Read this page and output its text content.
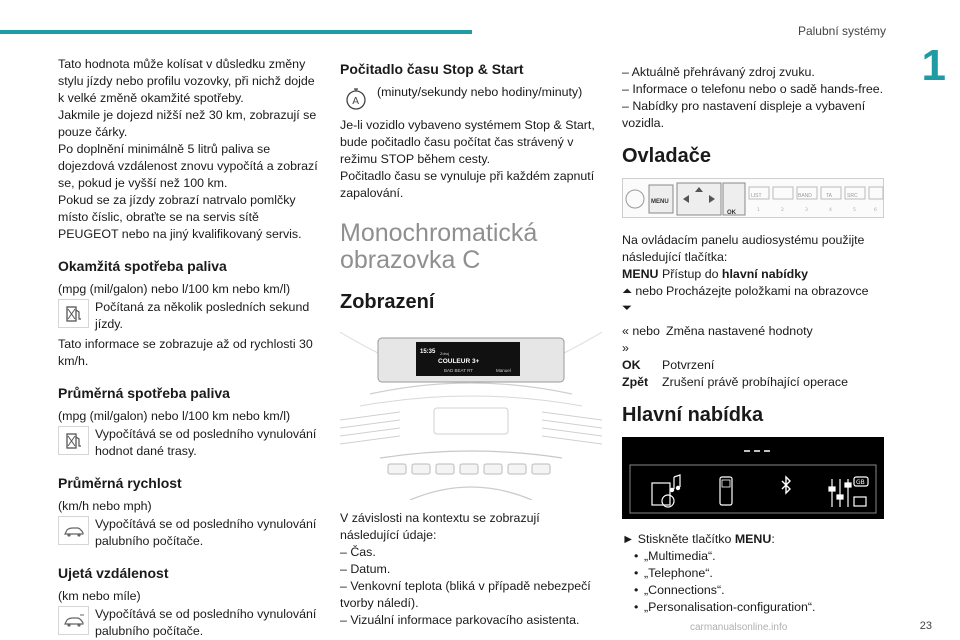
Palubní systémy
1

Tato hodnota může kolísat v důsledku změny stylu jízdy nebo profilu vozovky, při nichž dojde k velké změně okamžité spotřeby.
Jakmile je dojezd nižší než 30 km, zobrazují se pouze čárky.
Po doplnění minimálně 5 litrů paliva se dojezdová vzdálenost znovu vypočítá a zobrazí se, pokud je vyšší než 100 km.
Pokud se za jízdy zobrazí natrvalo pomlčky místo číslic, obraťte se na servis sítě PEUGEOT nebo na jiný kvalifikovaný servis.

Okamžitá spotřeba paliva

(mpg (mil/galon) nebo l/100 km nebo km/l)

Počítaná za několik posledních sekund jízdy.

Tato informace se zobrazuje až od rychlosti 30 km/h.

Průměrná spotřeba paliva

(mpg (mil/galon) nebo l/100 km nebo km/l)

Vypočítává se od posledního vynulování hodnot dané trasy.

Průměrná rychlost

(km/h nebo mph)

Vypočítává se od posledního vynulování palubního počítače.

Ujetá vzdálenost

(km nebo míle)

Vypočítává se od posledního vynulování palubního počítače.

Počitadlo času Stop & Start
A

(minuty/sekundy nebo hodiny/minuty)

Je-li vozidlo vybaveno systémem Stop & Start, bude počitadlo času počítat čas strávený v režimu STOP během cesty.
Počitadlo času se vynuluje při každém zapnutí zapalování.

Monochromatická obrazovka C
Zobrazení
15:35 Zdroj
COULEUR 3+
BAD BEAT RT	Manuel

V závislosti na kontextu se zobrazují následující údaje:

– Čas.

– Datum.

– Venkovní teplota (bliká v případě nebezpečí tvorby náledí).

– Vizuální informace parkovacího asistenta.

– Aktuálně přehrávaný zdroj zvuku.

– Informace o telefonu nebo o sadě hands-free.

– Nabídky pro nastavení displeje a vybavení vozidla.

Ovladače
1	2	3	4	5	6
MENU
OK
LIST	BAND	TA	SRC

Na ovládacím panelu audiosystému použijte následující tlačítka:

MENU Přístup do hlavní nabídky
⏶ nebo
⏷
Procházejte položkami na obrazovce
« nebo
»
Změna nastavené hodnoty
OK	Potvrzení
Zpět	Zrušení právě probíhající operace
Hlavní nabídka
GB

► Stiskněte tlačítko MENU:

• „Multimedia“.

• „Telephone“.

• „Connections“.

• „Personalisation-configuration“.

carmanualsonline.info	23
